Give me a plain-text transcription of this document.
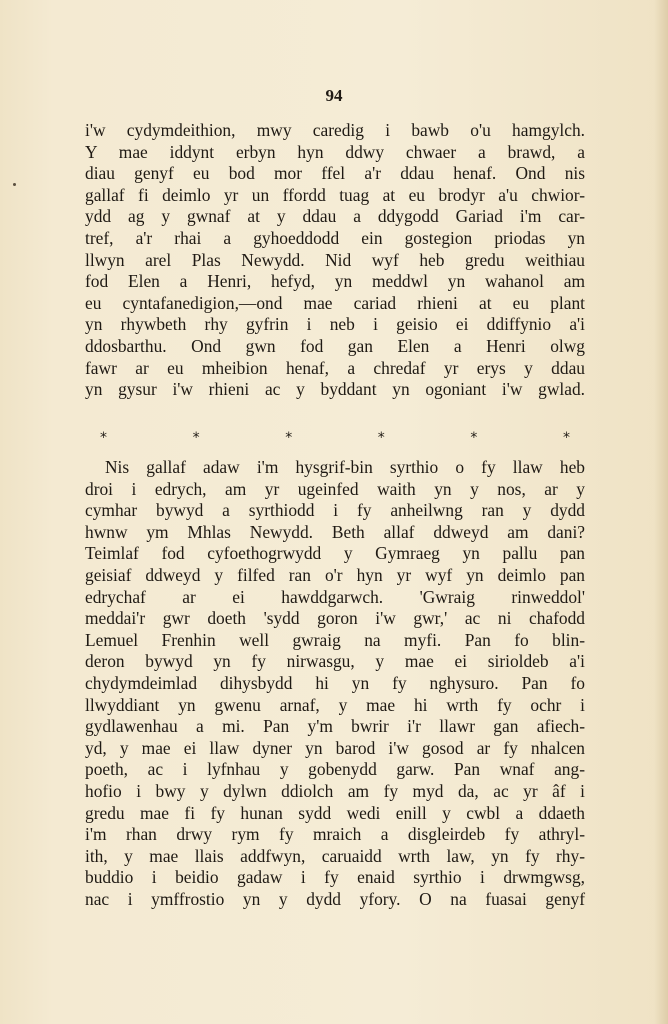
94
i'w cydymdeithion, mwy caredig i bawb o'u hamgylch.
Y mae iddynt erbyn hyn ddwy chwaer a brawd, a
diau genyf eu bod mor ffel a'r ddau henaf. Ond nis
gallaf fi deimlo yr un ffordd tuag at eu brodyr a'u chwior-
ydd ag y gwnaf at y ddau a ddygodd Gariad i'm car-
tref, a'r rhai a gyhoeddodd ein gostegion priodas yn
llwyn arel Plas Newydd. Nid wyf heb gredu weithiau
fod Elen a Henri, hefyd, yn meddwl yn wahanol am
eu cyntafanedigion,—ond mae cariad rhieni at eu plant
yn rhywbeth rhy gyfrin i neb i geisio ei ddiffynio a'i
ddosbarthu. Ond gwn fod gan Elen a Henri olwg
fawr ar eu mheibion henaf, a chredaf yr erys y ddau
yn gysur i'w rhieni ac y byddant yn ogoniant i'w gwlad.
*	*	*	*	*	*
Nis gallaf adaw i'm hysgrif-bin syrthio o fy llaw heb
droi i edrych, am yr ugeinfed waith yn y nos, ar y
cymhar bywyd a syrthiodd i fy anheilwng ran y dydd
hwnw ym Mhlas Newydd. Beth allaf ddweyd am dani?
Teimlaf fod cyfoethogrwydd y Gymraeg yn pallu pan
geisiaf ddweyd y filfed ran o'r hyn yr wyf yn deimlo pan
edrychaf ar ei hawddgarwch. 'Gwraig rinweddol'
meddai'r gwr doeth 'sydd goron i'w gwr,' ac ni chafodd
Lemuel Frenhin well gwraig na myfi. Pan fo blin-
deron bywyd yn fy nirwasgu, y mae ei sirioldeb a'i
chydymdeimlad dihysbydd hi yn fy nghysuro. Pan fo
llwyddiant yn gwenu arnaf, y mae hi wrth fy ochr i
gydlawenhau a mi. Pan y'm bwrir i'r llawr gan afiech-
yd, y mae ei llaw dyner yn barod i'w gosod ar fy nhalcen
poeth, ac i lyfnhau y gobenydd garw. Pan wnaf ang-
hofio i bwy y dylwn ddiolch am fy myd da, ac yr âf i
gredu mae fi fy hunan sydd wedi enill y cwbl a ddaeth
i'm rhan drwy rym fy mraich a disgleirdeb fy athryl-
ith, y mae llais addfwyn, caruaidd wrth law, yn fy rhy-
buddio i beidio gadaw i fy enaid syrthio i drwmgwsg,
nac i ymffrostio yn y dydd yfory. O na fuasai genyf
